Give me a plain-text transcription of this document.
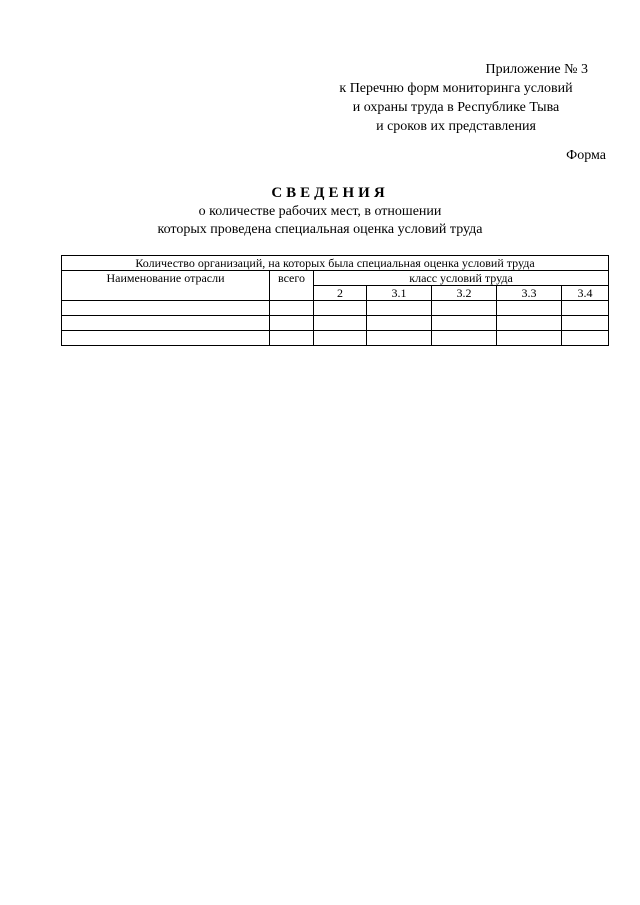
Приложение № 3
к Перечню форм мониторинга условий
и охраны труда в Республике Тыва
и сроков их представления
Форма
СВЕДЕНИЯ
о количестве рабочих мест, в отношении
которых проведена специальная оценка условий труда
Количество организаций, на которых была специальная оценка условий труда						
Наименование отрасли	всего	класс условий труда				
		2	3.1	3.2	3.3	3.4
